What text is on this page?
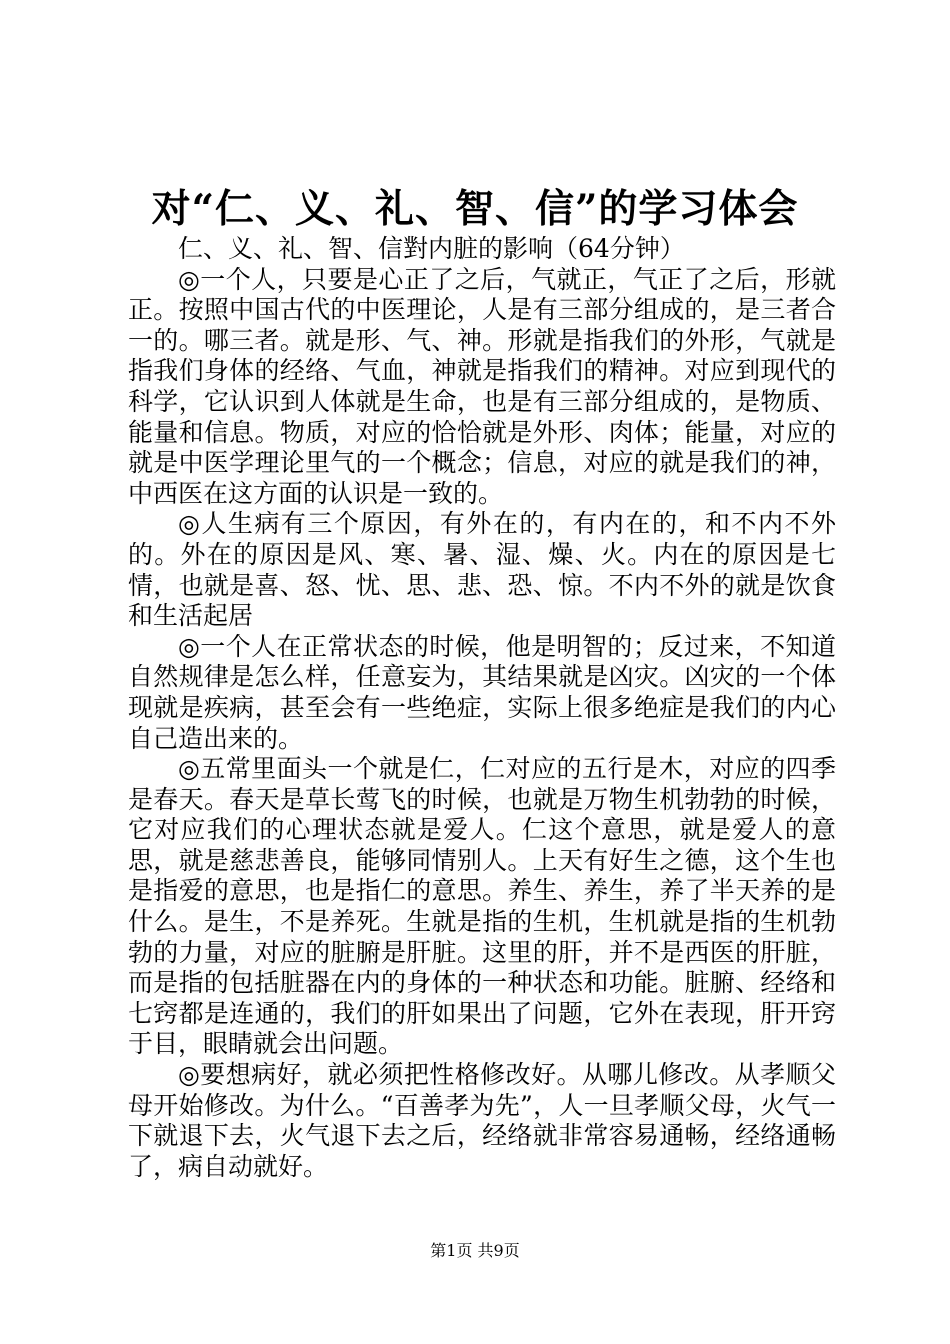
对“仁、义、礼、智、信”的学习体会

仁、义、礼、智、信對内脏的影响（64分钟）

◎一个人，只要是心正了之后，气就正，气正了之后，形就正。按照中国古代的中医理论，人是有三部分组成的，是三者合一的。哪三者。就是形、气、神。形就是指我们的外形，气就是指我们身体的经络、气血，神就是指我们的精神。对应到现代的科学，它认识到人体就是生命，也是有三部分组成的，是物质、能量和信息。物质，对应的恰恰就是外形、肉体；能量，对应的就是中医学理论里气的一个概念；信息，对应的就是我们的神，中西医在这方面的认识是一致的。

◎人生病有三个原因，有外在的，有内在的，和不内不外的。外在的原因是风、寒、暑、湿、燥、火。内在的原因是七情，也就是喜、怒、忧、思、悲、恐、惊。不内不外的就是饮食和生活起居

◎一个人在正常状态的时候，他是明智的；反过来，不知道自然规律是怎么样，任意妄为，其结果就是凶灾。凶灾的一个体现就是疾病，甚至会有一些绝症，实际上很多绝症是我们的内心自己造出来的。

◎五常里面头一个就是仁，仁对应的五行是木，对应的四季是春天。春天是草长莺飞的时候，也就是万物生机勃勃的时候，它对应我们的心理状态就是爱人。仁这个意思，就是爱人的意思，就是慈悲善良，能够同情别人。上天有好生之德，这个生也是指爱的意思，也是指仁的意思。养生、养生，养了半天养的是什么。是生，不是养死。生就是指的生机，生机就是指的生机勃勃的力量，对应的脏腑是肝脏。这里的肝，并不是西医的肝脏，而是指的包括脏器在内的身体的一种状态和功能。脏腑、经络和七窍都是连通的，我们的肝如果出了问题，它外在表现，肝开窍于目，眼睛就会出问题。

◎要想病好，就必须把性格修改好。从哪儿修改。从孝顺父母开始修改。为什么。“百善孝为先”，人一旦孝顺父母，火气一下就退下去，火气退下去之后，经络就非常容易通畅，经络通畅了，病自动就好。

第1页 共9页
